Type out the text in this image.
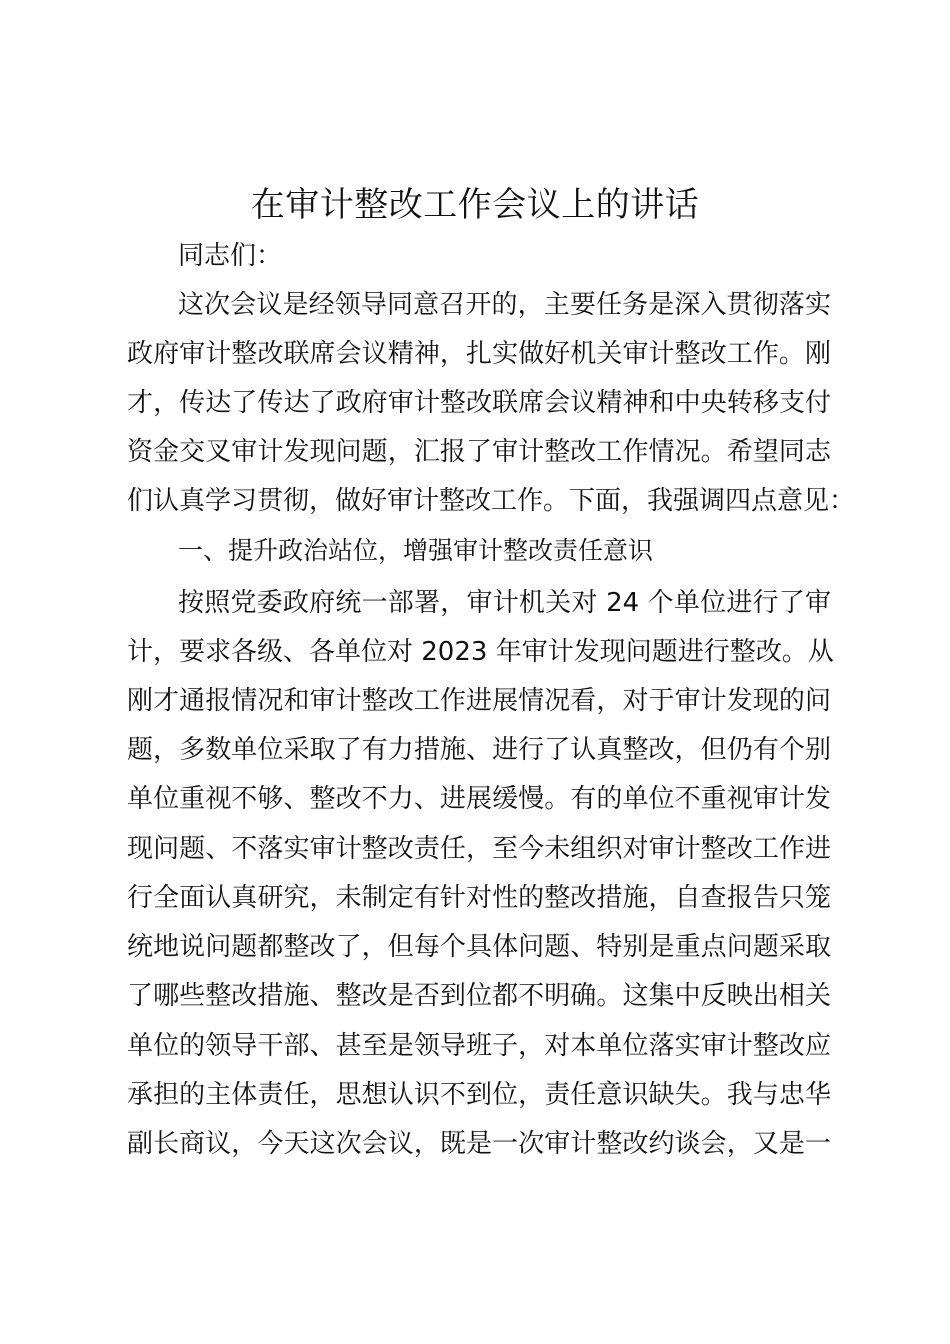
在审计整改工作会议上的讲话

同志们：

这次会议是经领导同意召开的，主要任务是深入贯彻落实

政府审计整改联席会议精神，扎实做好机关审计整改工作。刚

才，传达了传达了政府审计整改联席会议精神和中央转移支付

资金交叉审计发现问题，汇报了审计整改工作情况。希望同志

们认真学习贯彻，做好审计整改工作。下面，我强调四点意见：

一、提升政治站位，增强审计整改责任意识

按照党委政府统一部署，审计机关对 24 个单位进行了审

计，要求各级、各单位对 2023 年审计发现问题进行整改。从

刚才通报情况和审计整改工作进展情况看，对于审计发现的问

题，多数单位采取了有力措施、进行了认真整改，但仍有个别

单位重视不够、整改不力、进展缓慢。有的单位不重视审计发

现问题、不落实审计整改责任，至今未组织对审计整改工作进

行全面认真研究，未制定有针对性的整改措施，自查报告只笼

统地说问题都整改了，但每个具体问题、特别是重点问题采取

了哪些整改措施、整改是否到位都不明确。这集中反映出相关

单位的领导干部、甚至是领导班子，对本单位落实审计整改应

承担的主体责任，思想认识不到位，责任意识缺失。我与忠华

副长商议，今天这次会议，既是一次审计整改约谈会，又是一
